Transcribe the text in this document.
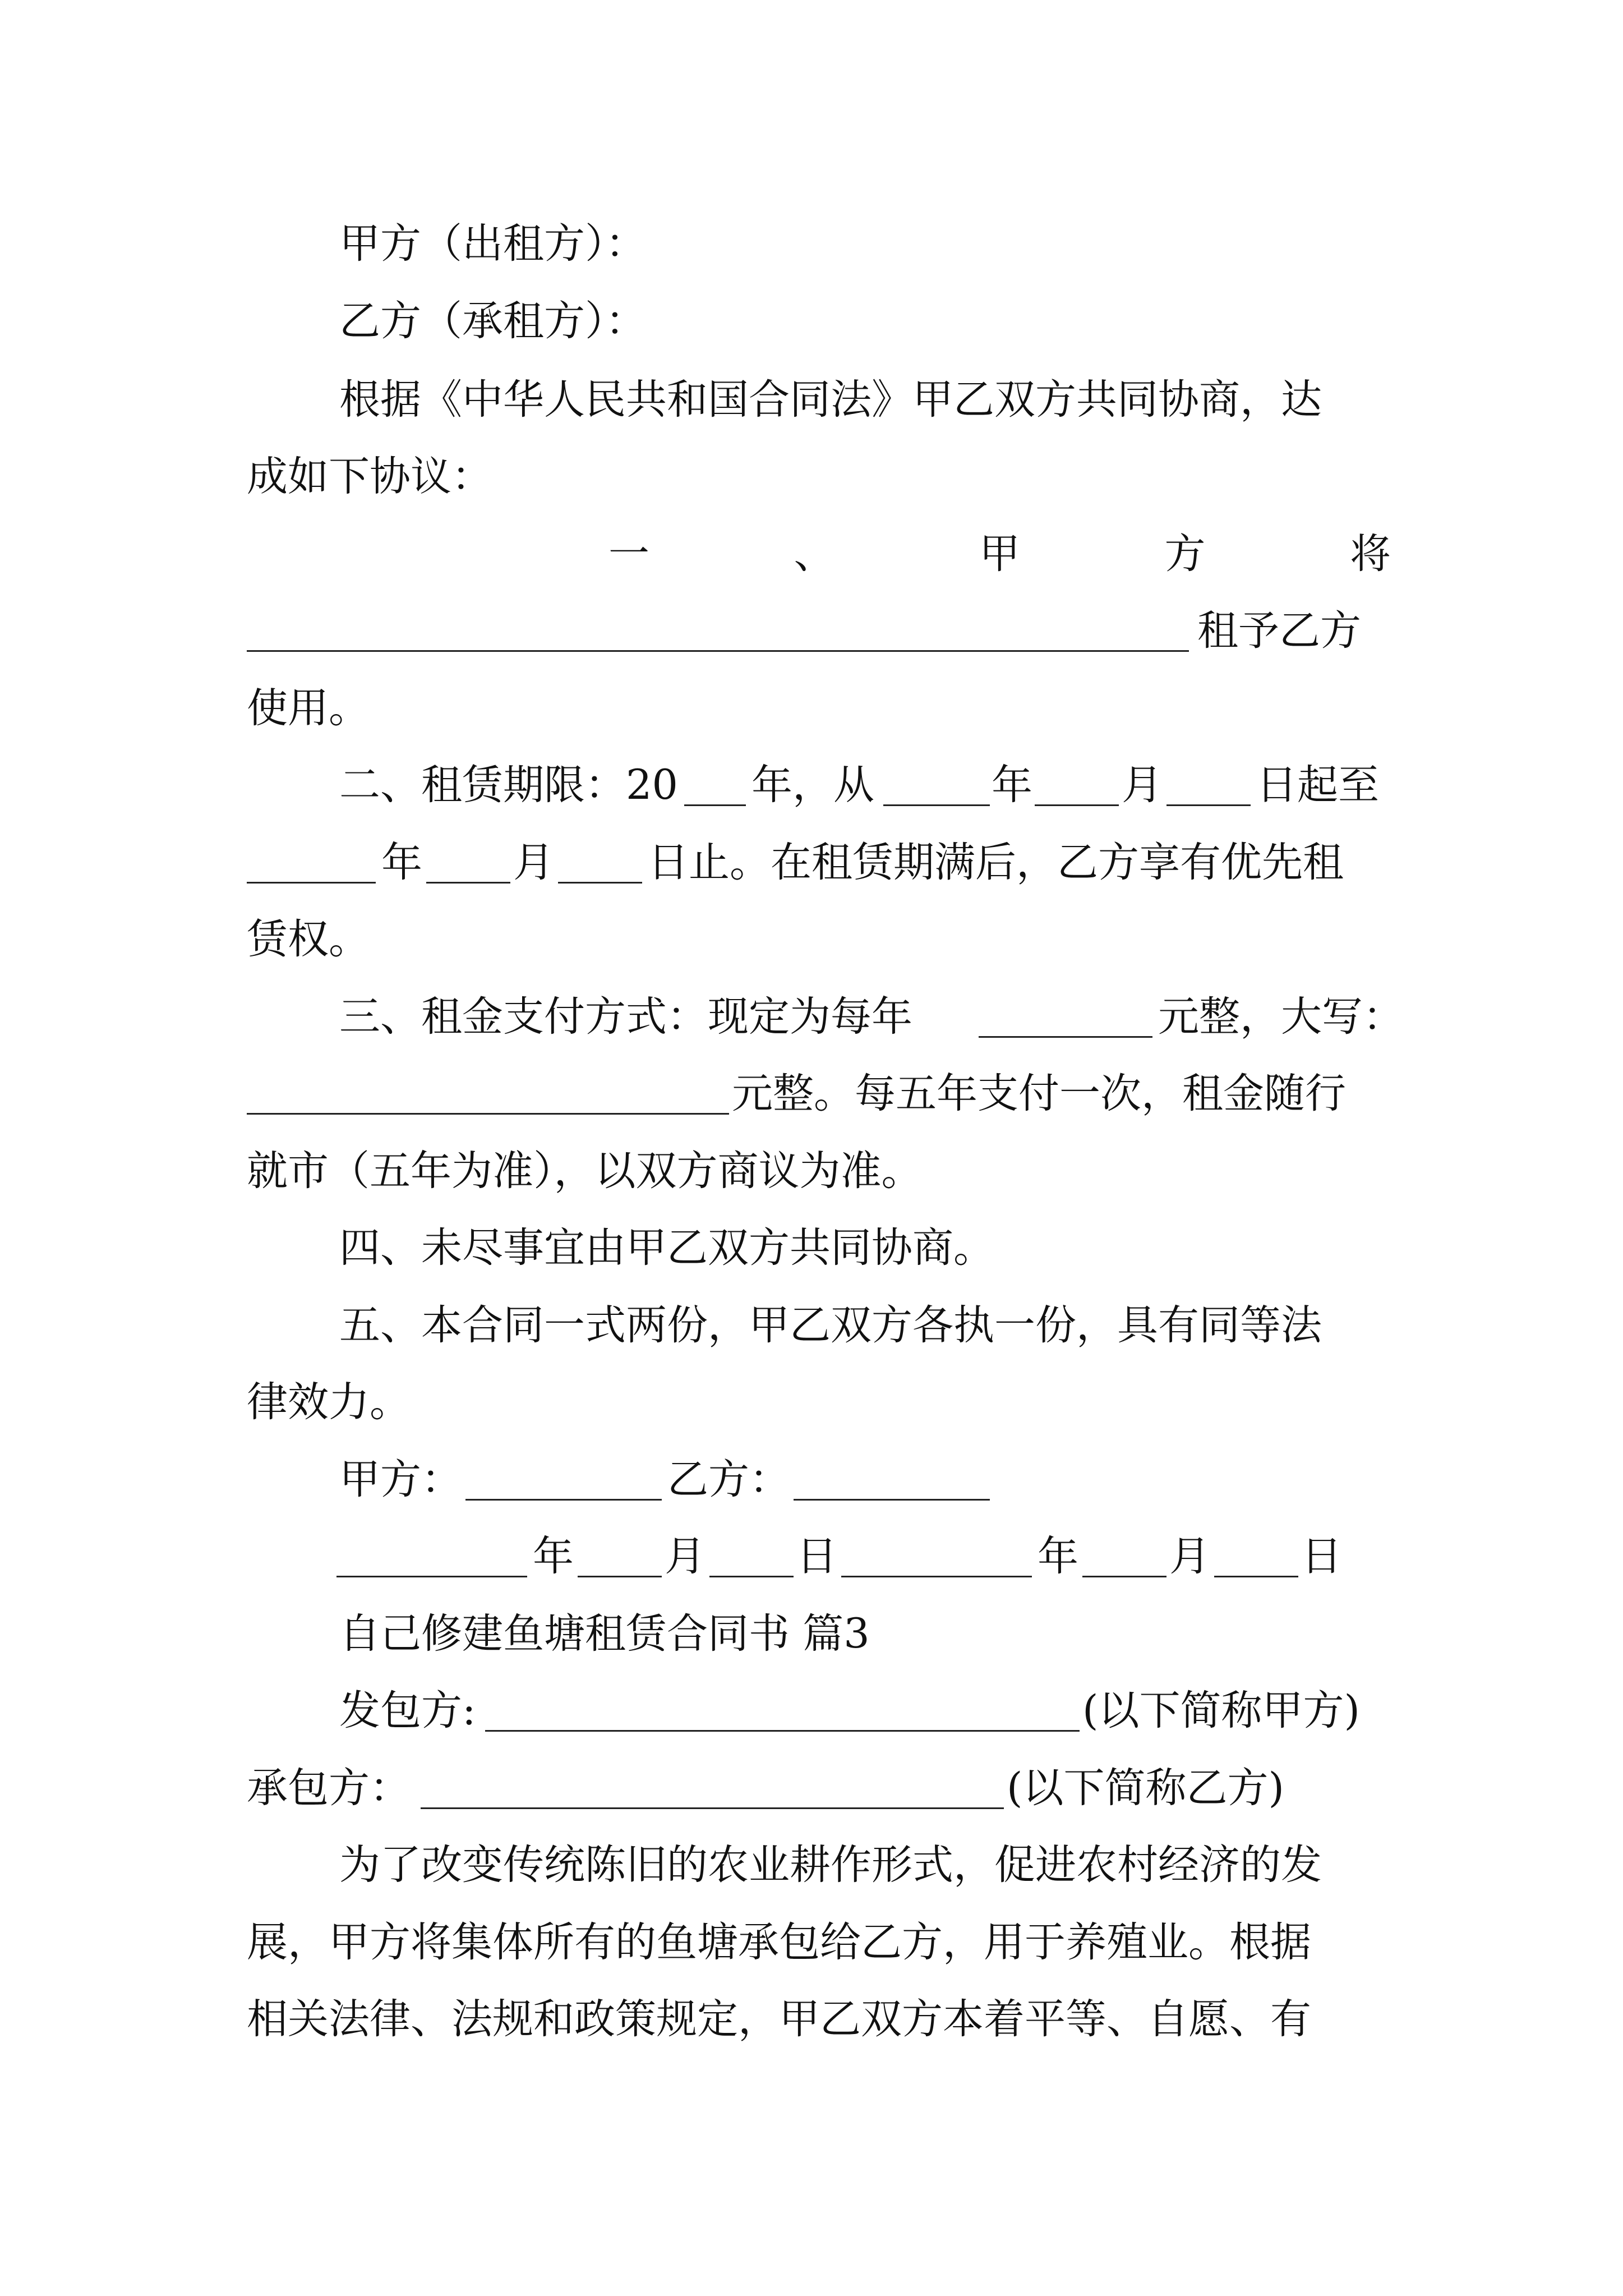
甲方（出租方）：
乙方（承租方）：
根据《中华人民共和国合同法》甲乙双方共同协商，达
成如下协议：
一	、	甲	方	将
租予乙方
使用。
二、租赁期限：20 年，从	年 月 日起至
年 月 日止。在租赁期满后，乙方享有优先租
赁权。
三、租金支付方式：现定为每年	元整，大写：
元整。每五年支付一次，租金随行
就市（五年为准），以双方商议为准。
四、未尽事宜由甲乙双方共同协商。
五、本合同一式两份，甲乙双方各执一份，具有同等法
律效力。
甲方：	乙方：
年 月 日	年 月 日
自己修建鱼塘租赁合同书 篇3
发包方:	(以下简称甲方)
承包方：	(以下简称乙方)
为了改变传统陈旧的农业耕作形式，促进农村经济的发
展，甲方将集体所有的鱼塘承包给乙方，用于养殖业。根据
相关法律、法规和政策规定，甲乙双方本着平等、自愿、有
